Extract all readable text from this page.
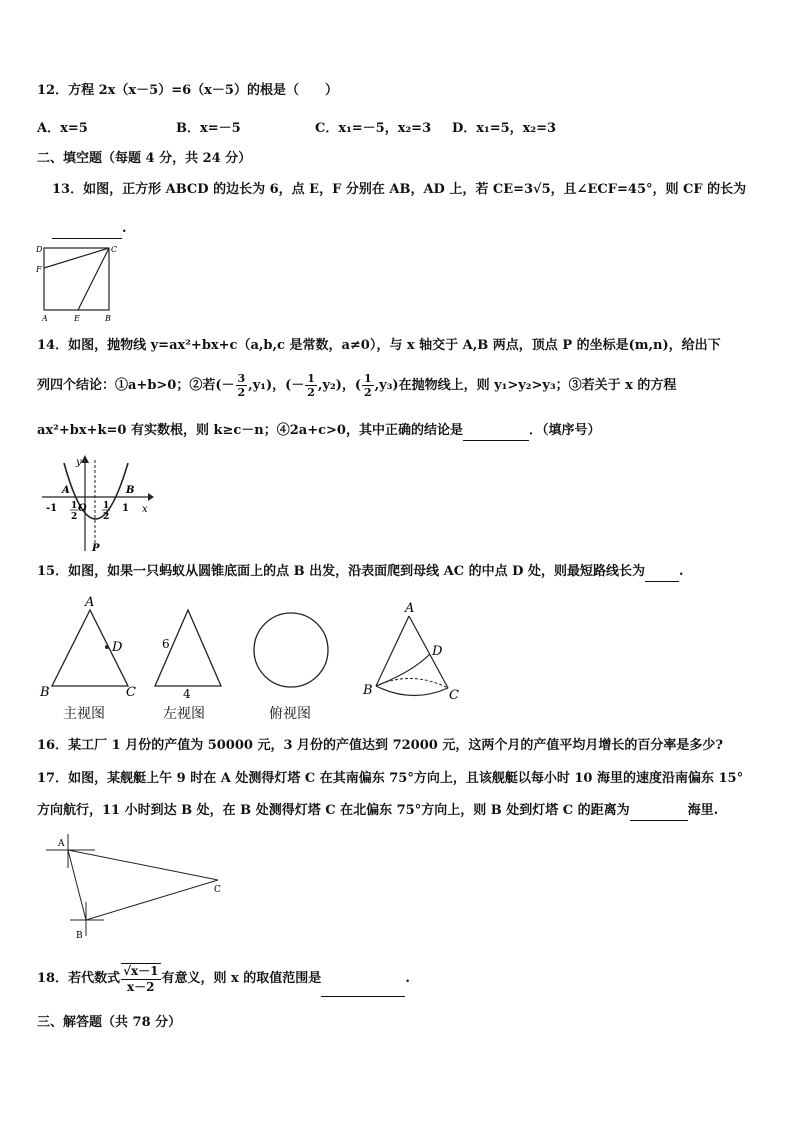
12．方程 2x（x－5）=6（x－5）的根是（　　）
A．x=5	B．x=－5	C．x₁=－5，x₂=3 D．x₁=5，x₂=3
二、填空题（每题 4 分，共 24 分）
13．如图，正方形 ABCD 的边长为 6，点 E，F 分别在 AB，AD 上，若 CE=3√5，且∠ECF=45°，则 CF 的长为
.
D	C
F
A	E	B
14．如图，抛物线 y=ax²+bx+c（a,b,c 是常数，a≠0），与 x 轴交于 A,B 两点，顶点 P 的坐标是(m,n)，给出下
列四个结论：①a+b>0；②若(－ $\frac{3}{2} ,y_1$)，(－ $\frac{1}{2} ,y_2$)，( $\frac{1}{2} ,y_3$)在抛物线上，则 y₁>y₂>y₃；③若关于 x 的方程
ax²+bx+k=0 有实数根，则 k≥c－n；④2a+c>0，其中正确的结论是	．（填序号）
y
x
A	B
-1 1
2
O 1
2
1
P
15．如图，如果一只蚂蚁从圆锥底面上的点 B 出发，沿表面爬到母线 AC 的中点 D 处，则最短路线长为	.
A
D
B	C
主视图
6
4
左视图	俯视图
A
D
B	C
16．某工厂 1 月份的产值为 50000 元，3 月份的产值达到 72000 元，这两个月的产值平均月增长的百分率是多少?
17．如图，某舰艇上午 9 时在 A 处测得灯塔 C 在其南偏东 75°方向上，且该舰艇以每小时 10 海里的速度沿南偏东 15°
方向航行，11 小时到达 B 处，在 B 处测得灯塔 C 在北偏东 75°方向上，则 B 处到灯塔 C 的距离为	海里.
A
B
C
18．若代数式 $\frac{√x-1}{x-2}$ 有意义，则 x 的取值范围是	.
三、解答题（共 78 分）
